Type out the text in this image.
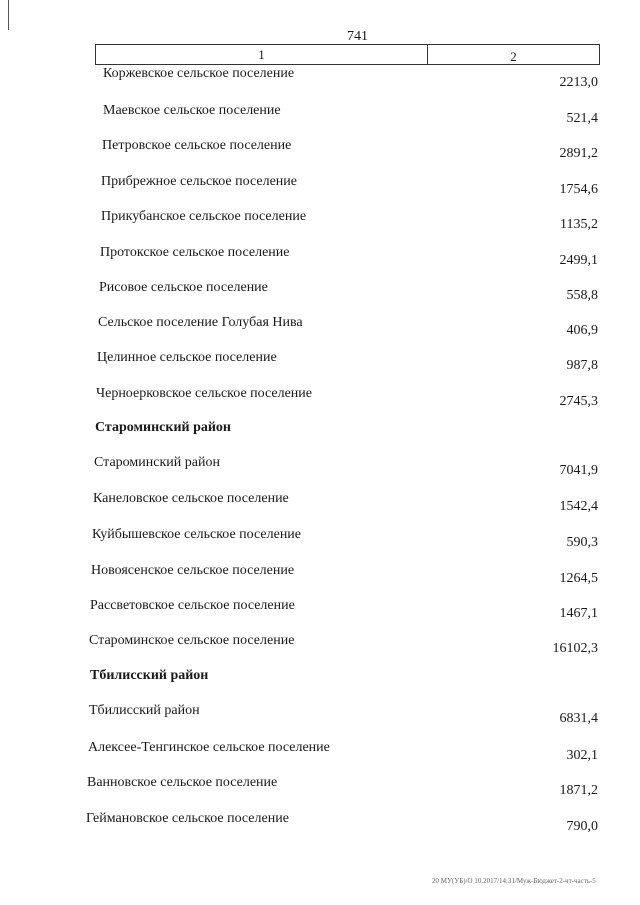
741
1	2
Коржевское сельское поселение
2213,0
Маевское сельское поселение
521,4
Петровское сельское поселение
2891,2
Прибрежное сельское поселение
1754,6
Прикубанское сельское поселение
1135,2
Протокское сельское поселение
2499,1
Рисовое сельское поселение
558,8
Сельское поселение Голубая Нива
406,9
Целинное сельское поселение
987,8
Черноерковское сельское поселение
2745,3
Староминский район
Староминский район
7041,9
Канеловское сельское поселение
1542,4
Куйбышевское сельское поселение
590,3
Новоясенское сельское поселение
1264,5
Рассветовское сельское поселение
1467,1
Староминское сельское поселение
16102,3
Тбилисский район
Тбилисский район
6831,4
Алексее-Тенгинское сельское поселение
302,1
Ванновское сельское поселение
1871,2
Геймановское сельское поселение
790,0
20 МУ(УБ)/О 10.2017/14:31/Муж-Бюджет-2-чт-часть-5
